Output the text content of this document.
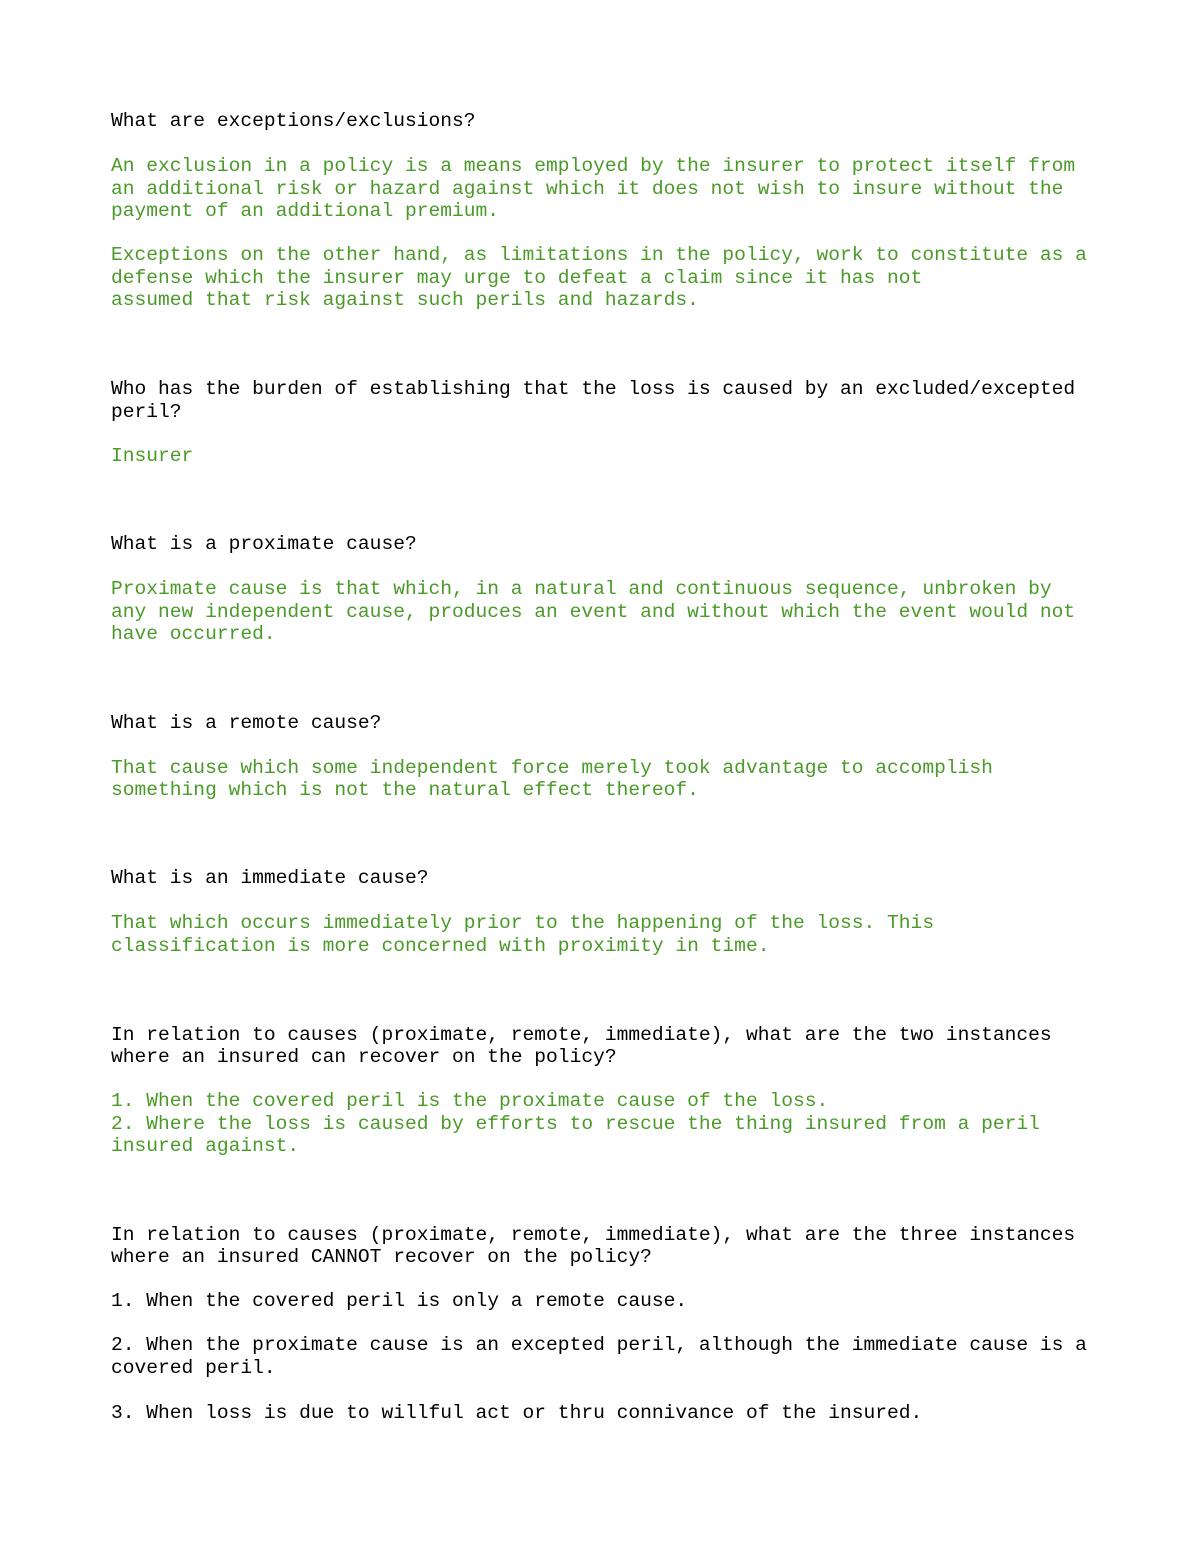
What are exceptions/exclusions?

An exclusion in a policy is a means employed by the insurer to protect itself from

an additional risk or hazard against which it does not wish to insure without the

payment of an additional premium.

Exceptions on the other hand, as limitations in the policy, work to constitute as a

defense which the insurer may urge to defeat a claim since it has not

assumed that risk against such perils and hazards.

Who has the burden of establishing that the loss is caused by an excluded/excepted

peril?

Insurer

What is a proximate cause?

Proximate cause is that which, in a natural and continuous sequence, unbroken by

any new independent cause, produces an event and without which the event would not

have occurred.

What is a remote cause?

That cause which some independent force merely took advantage to accomplish

something which is not the natural effect thereof.

What is an immediate cause?

That which occurs immediately prior to the happening of the loss. This

classification is more concerned with proximity in time.

In relation to causes (proximate, remote, immediate), what are the two instances

where an insured can recover on the policy?

1. When the covered peril is the proximate cause of the loss.

2. Where the loss is caused by efforts to rescue the thing insured from a peril

insured against.

In relation to causes (proximate, remote, immediate), what are the three instances

where an insured CANNOT recover on the policy?

1. When the covered peril is only a remote cause.

2. When the proximate cause is an excepted peril, although the immediate cause is a

covered peril.

3. When loss is due to willful act or thru connivance of the insured.
